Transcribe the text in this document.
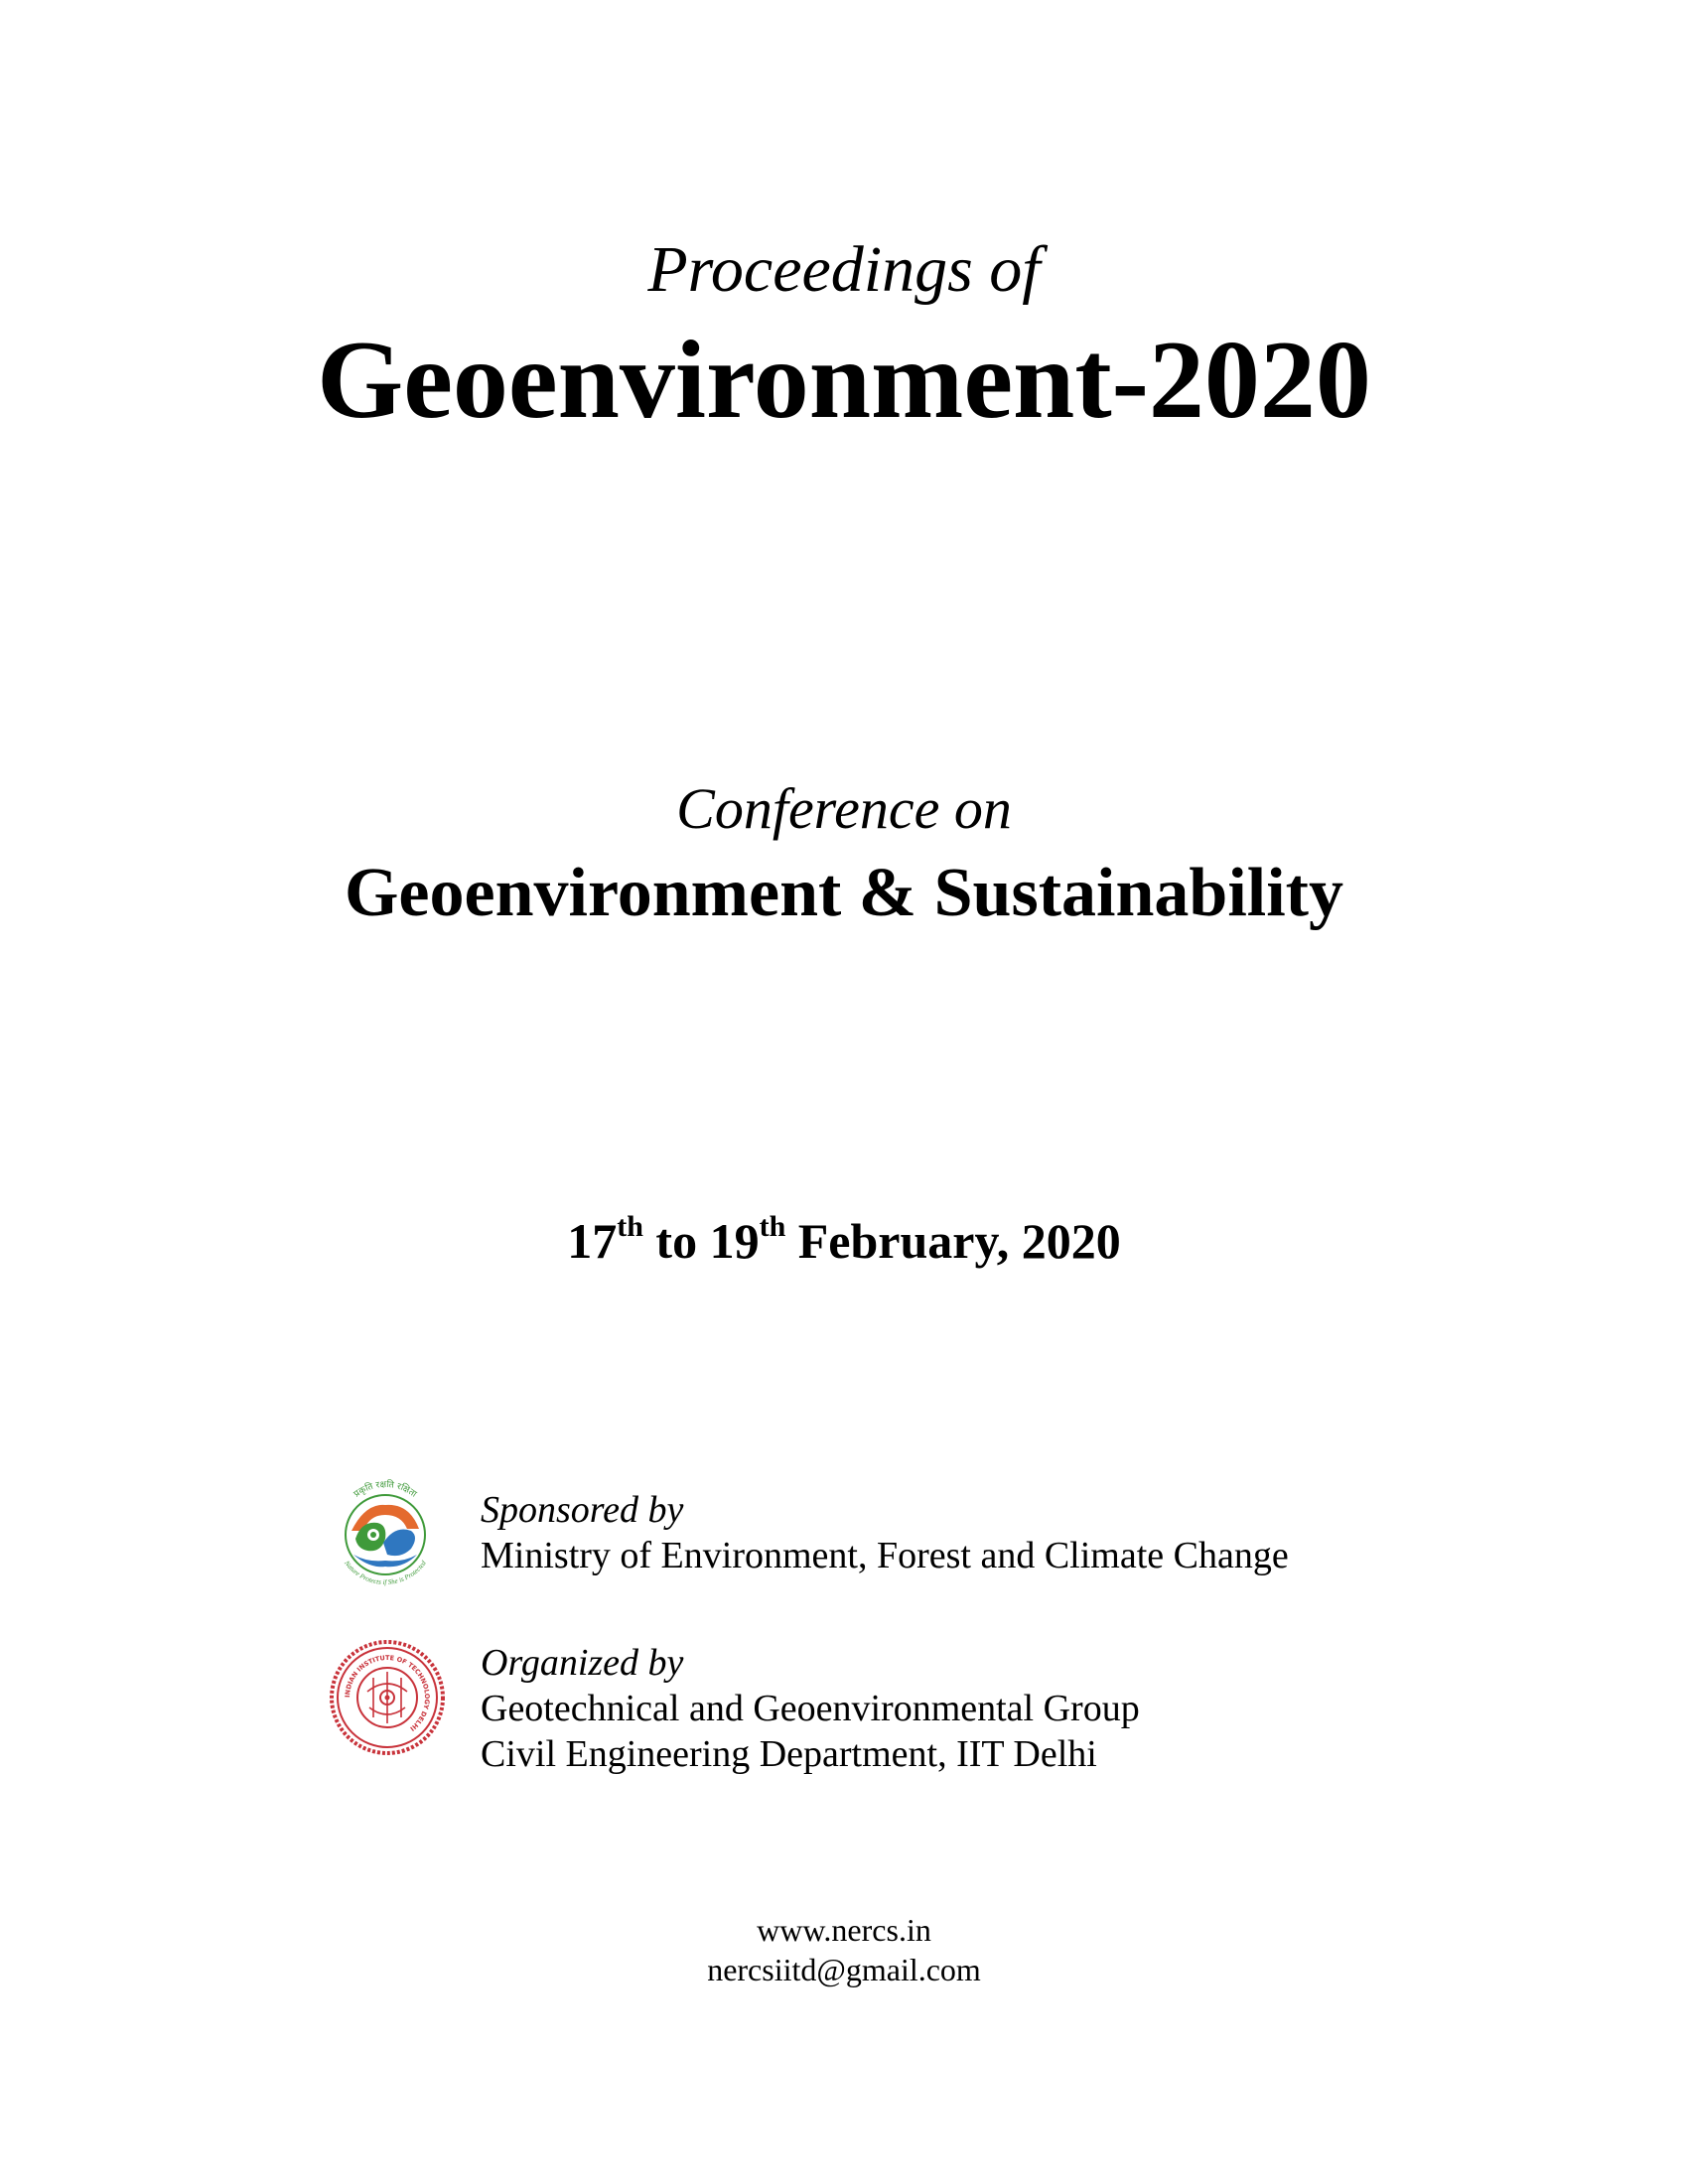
Proceedings of
Geoenvironment-2020
Conference on
Geoenvironment & Sustainability
17th to 19th February, 2020
प्रकृति रक्षति रक्षिता
Nature Protects if She is Protected
Sponsored by
Ministry of Environment, Forest and Climate Change
INDIAN INSTITUTE OF TECHNOLOGY DELHI
Organized by
Geotechnical and Geoenvironmental Group
Civil Engineering Department, IIT Delhi
www.nercs.in
nercsiitd@gmail.com
